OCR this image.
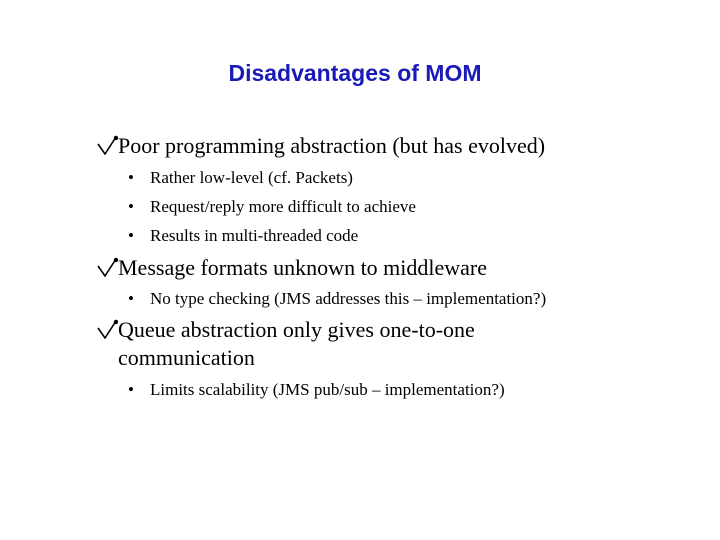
Disadvantages of MOM
Poor programming abstraction (but has evolved)
• Rather low-level (cf. Packets)
• Request/reply more difficult to achieve
• Results in multi-threaded code
Message formats unknown to middleware
• No type checking (JMS addresses this – implementation?)
Queue abstraction only gives one-to-one communication
• Limits scalability (JMS pub/sub – implementation?)
